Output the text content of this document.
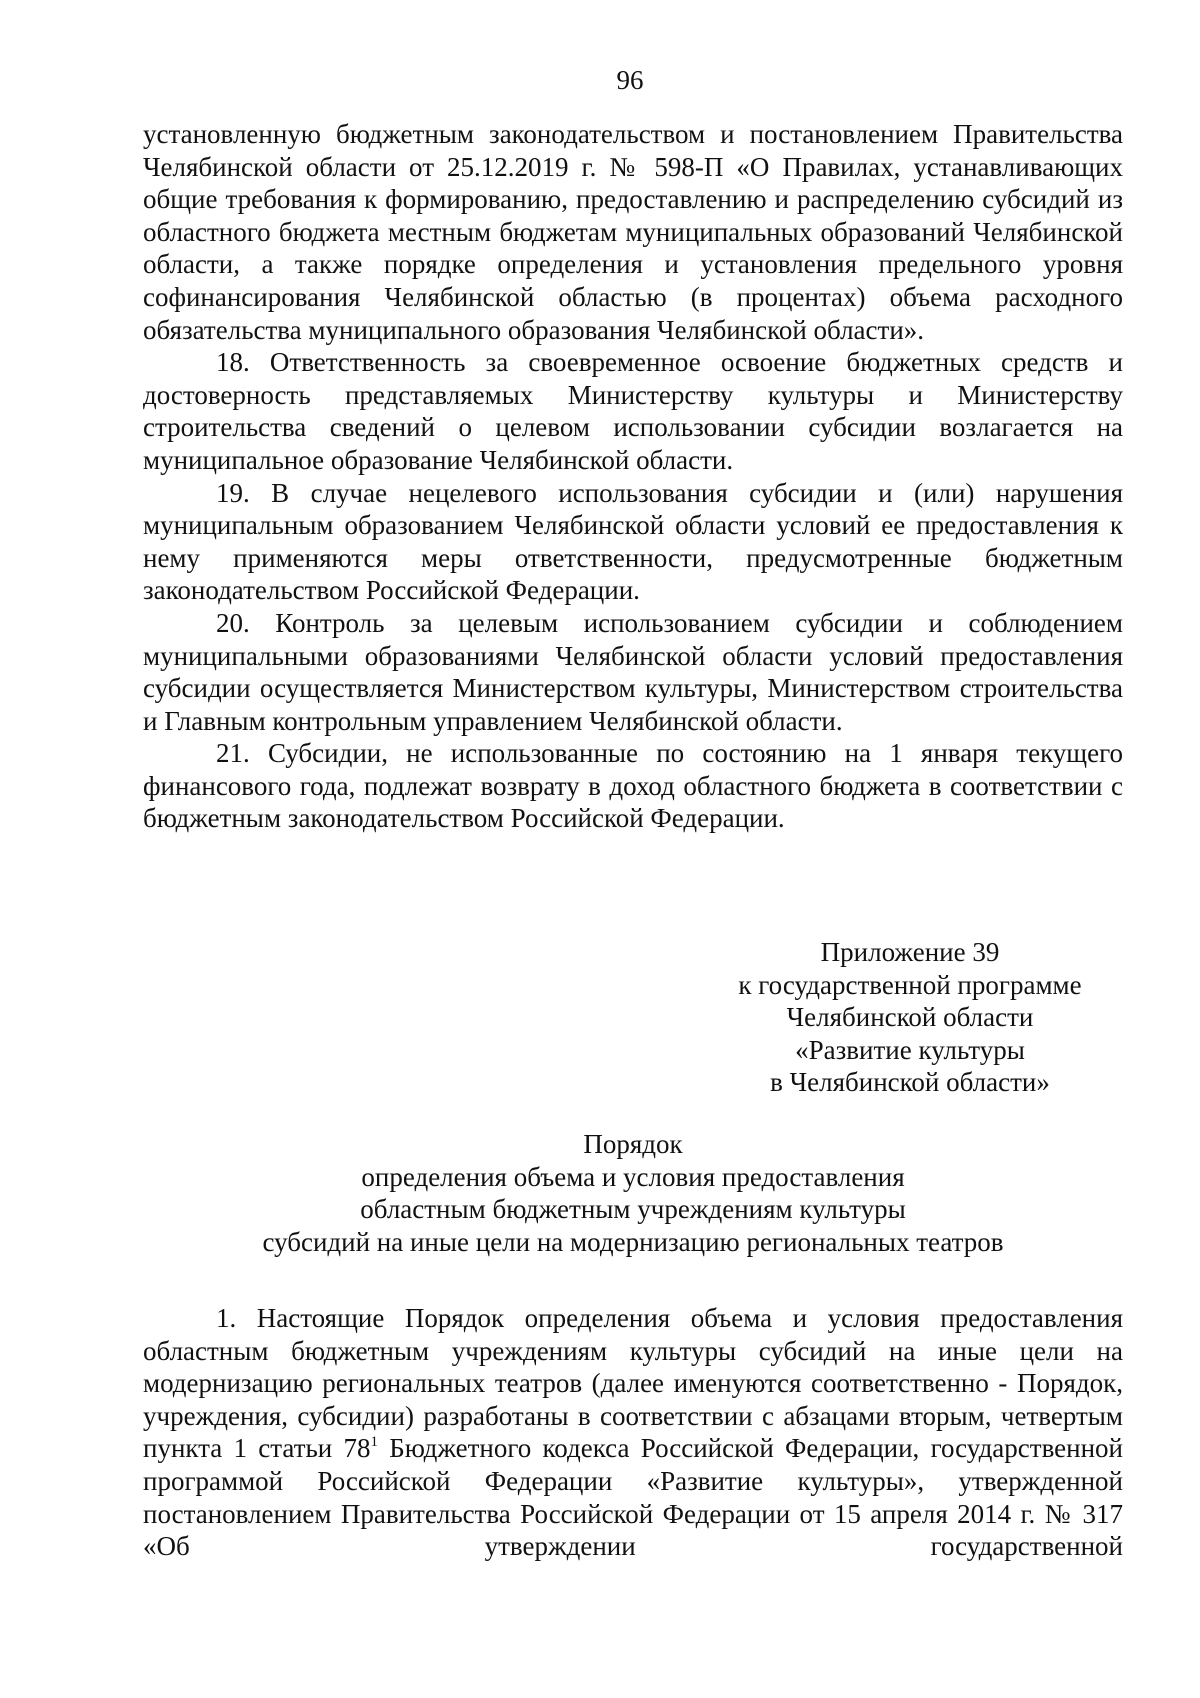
96

установленную бюджетным законодательством и постановлением Правительства Челябинской области от 25.12.2019 г. № 598-П «О Правилах, устанавливающих общие требования к формированию, предоставлению и распределению субсидий из областного бюджета местным бюджетам муниципальных образований Челябинской области, а также порядке определения и установления предельного уровня софинансирования Челябинской областью (в процентах) объема расходного обязательства муниципального образования Челябинской области».

18. Ответственность за своевременное освоение бюджетных средств и достоверность представляемых Министерству культуры и Министерству строительства сведений о целевом использовании субсидии возлагается на муниципальное образование Челябинской области.

19. В случае нецелевого использования субсидии и (или) нарушения муниципальным образованием Челябинской области условий ее предоставления к нему применяются меры ответственности, предусмотренные бюджетным законодательством Российской Федерации.

20. Контроль за целевым использованием субсидии и соблюдением муниципальными образованиями Челябинской области условий предоставления субсидии осуществляется Министерством культуры, Министерством строительства и Главным контрольным управлением Челябинской области.

21. Субсидии, не использованные по состоянию на 1 января текущего финансового года, подлежат возврату в доход областного бюджета в соответствии с бюджетным законодательством Российской Федерации.

Приложение 39
к государственной программе
Челябинской области
«Развитие культуры
в Челябинской области»
Порядок
определения объема и условия предоставления
областным бюджетным учреждениям культуры
субсидий на иные цели на модернизацию региональных театров

1. Настоящие Порядок определения объема и условия предоставления областным бюджетным учреждениям культуры субсидий на иные цели на модернизацию региональных театров (далее именуются соответственно - Порядок, учреждения, субсидии) разработаны в соответствии с абзацами вторым, четвертым пункта 1 статьи $78^1$ Бюджетного кодекса Российской Федерации, государственной программой Российской Федерации «Развитие культуры», утвержденной постановлением Правительства Российской Федерации от 15 апреля 2014 г. № 317 «Об утверждении государственной
